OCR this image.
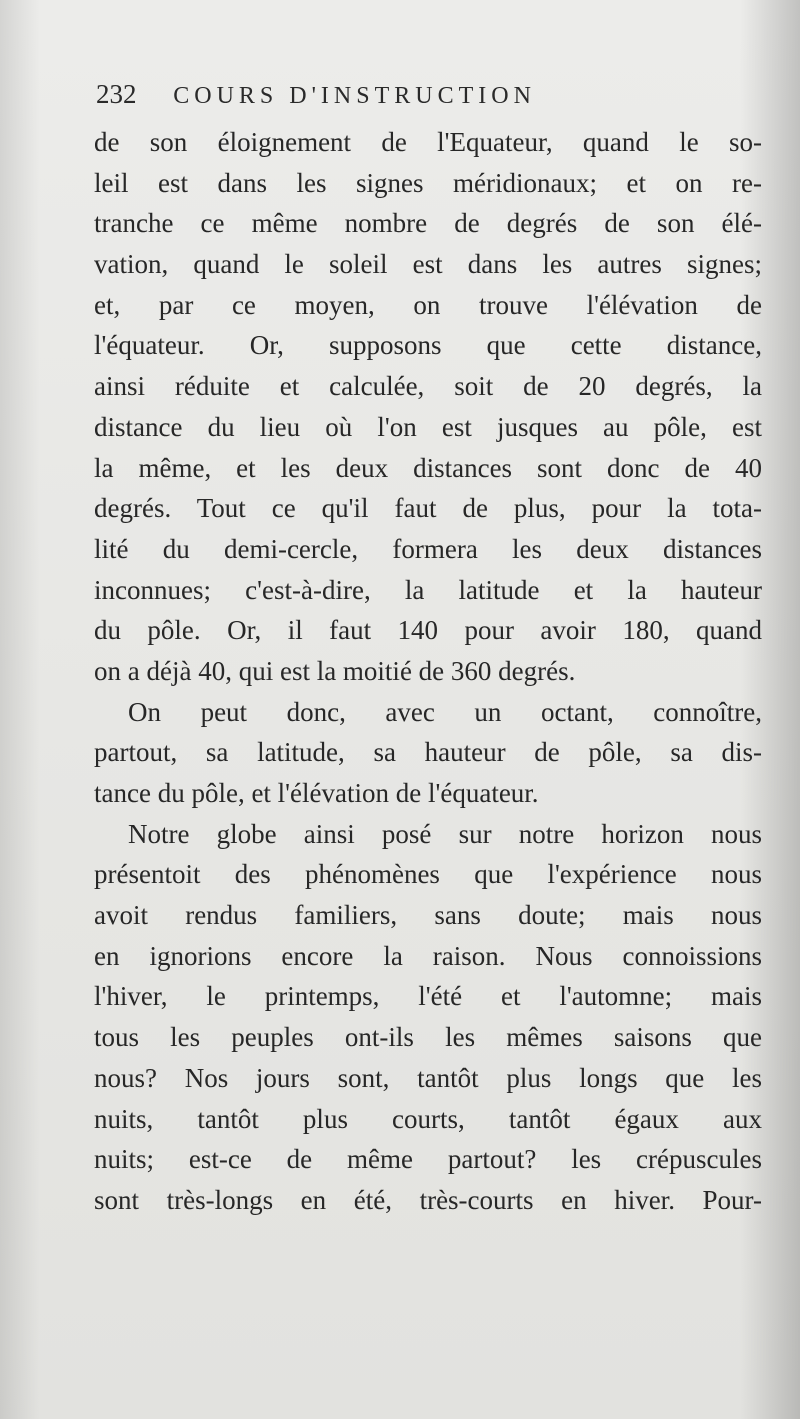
232 COURS D'INSTRUCTION
de son éloignement de l'Equateur, quand le so-
leil est dans les signes méridionaux; et on re-
tranche ce même nombre de degrés de son élé-
vation, quand le soleil est dans les autres signes;
et, par ce moyen, on trouve l'élévation de
l'équateur. Or, supposons que cette distance,
ainsi réduite et calculée, soit de 20 degrés, la
distance du lieu où l'on est jusques au pôle, est
la même, et les deux distances sont donc de 40
degrés. Tout ce qu'il faut de plus, pour la tota-
lité du demi-cercle, formera les deux distances
inconnues; c'est-à-dire, la latitude et la hauteur
du pôle. Or, il faut 140 pour avoir 180, quand
on a déjà 40, qui est la moitié de 360 degrés.
On peut donc, avec un octant, connoître,
partout, sa latitude, sa hauteur de pôle, sa dis-
tance du pôle, et l'élévation de l'équateur.
Notre globe ainsi posé sur notre horizon nous
présentoit des phénomènes que l'expérience nous
avoit rendus familiers, sans doute; mais nous
en ignorions encore la raison. Nous connoissions
l'hiver, le printemps, l'été et l'automne; mais
tous les peuples ont-ils les mêmes saisons que
nous? Nos jours sont, tantôt plus longs que les
nuits, tantôt plus courts, tantôt égaux aux
nuits; est-ce de même partout? les crépuscules
sont très-longs en été, très-courts en hiver. Pour-
